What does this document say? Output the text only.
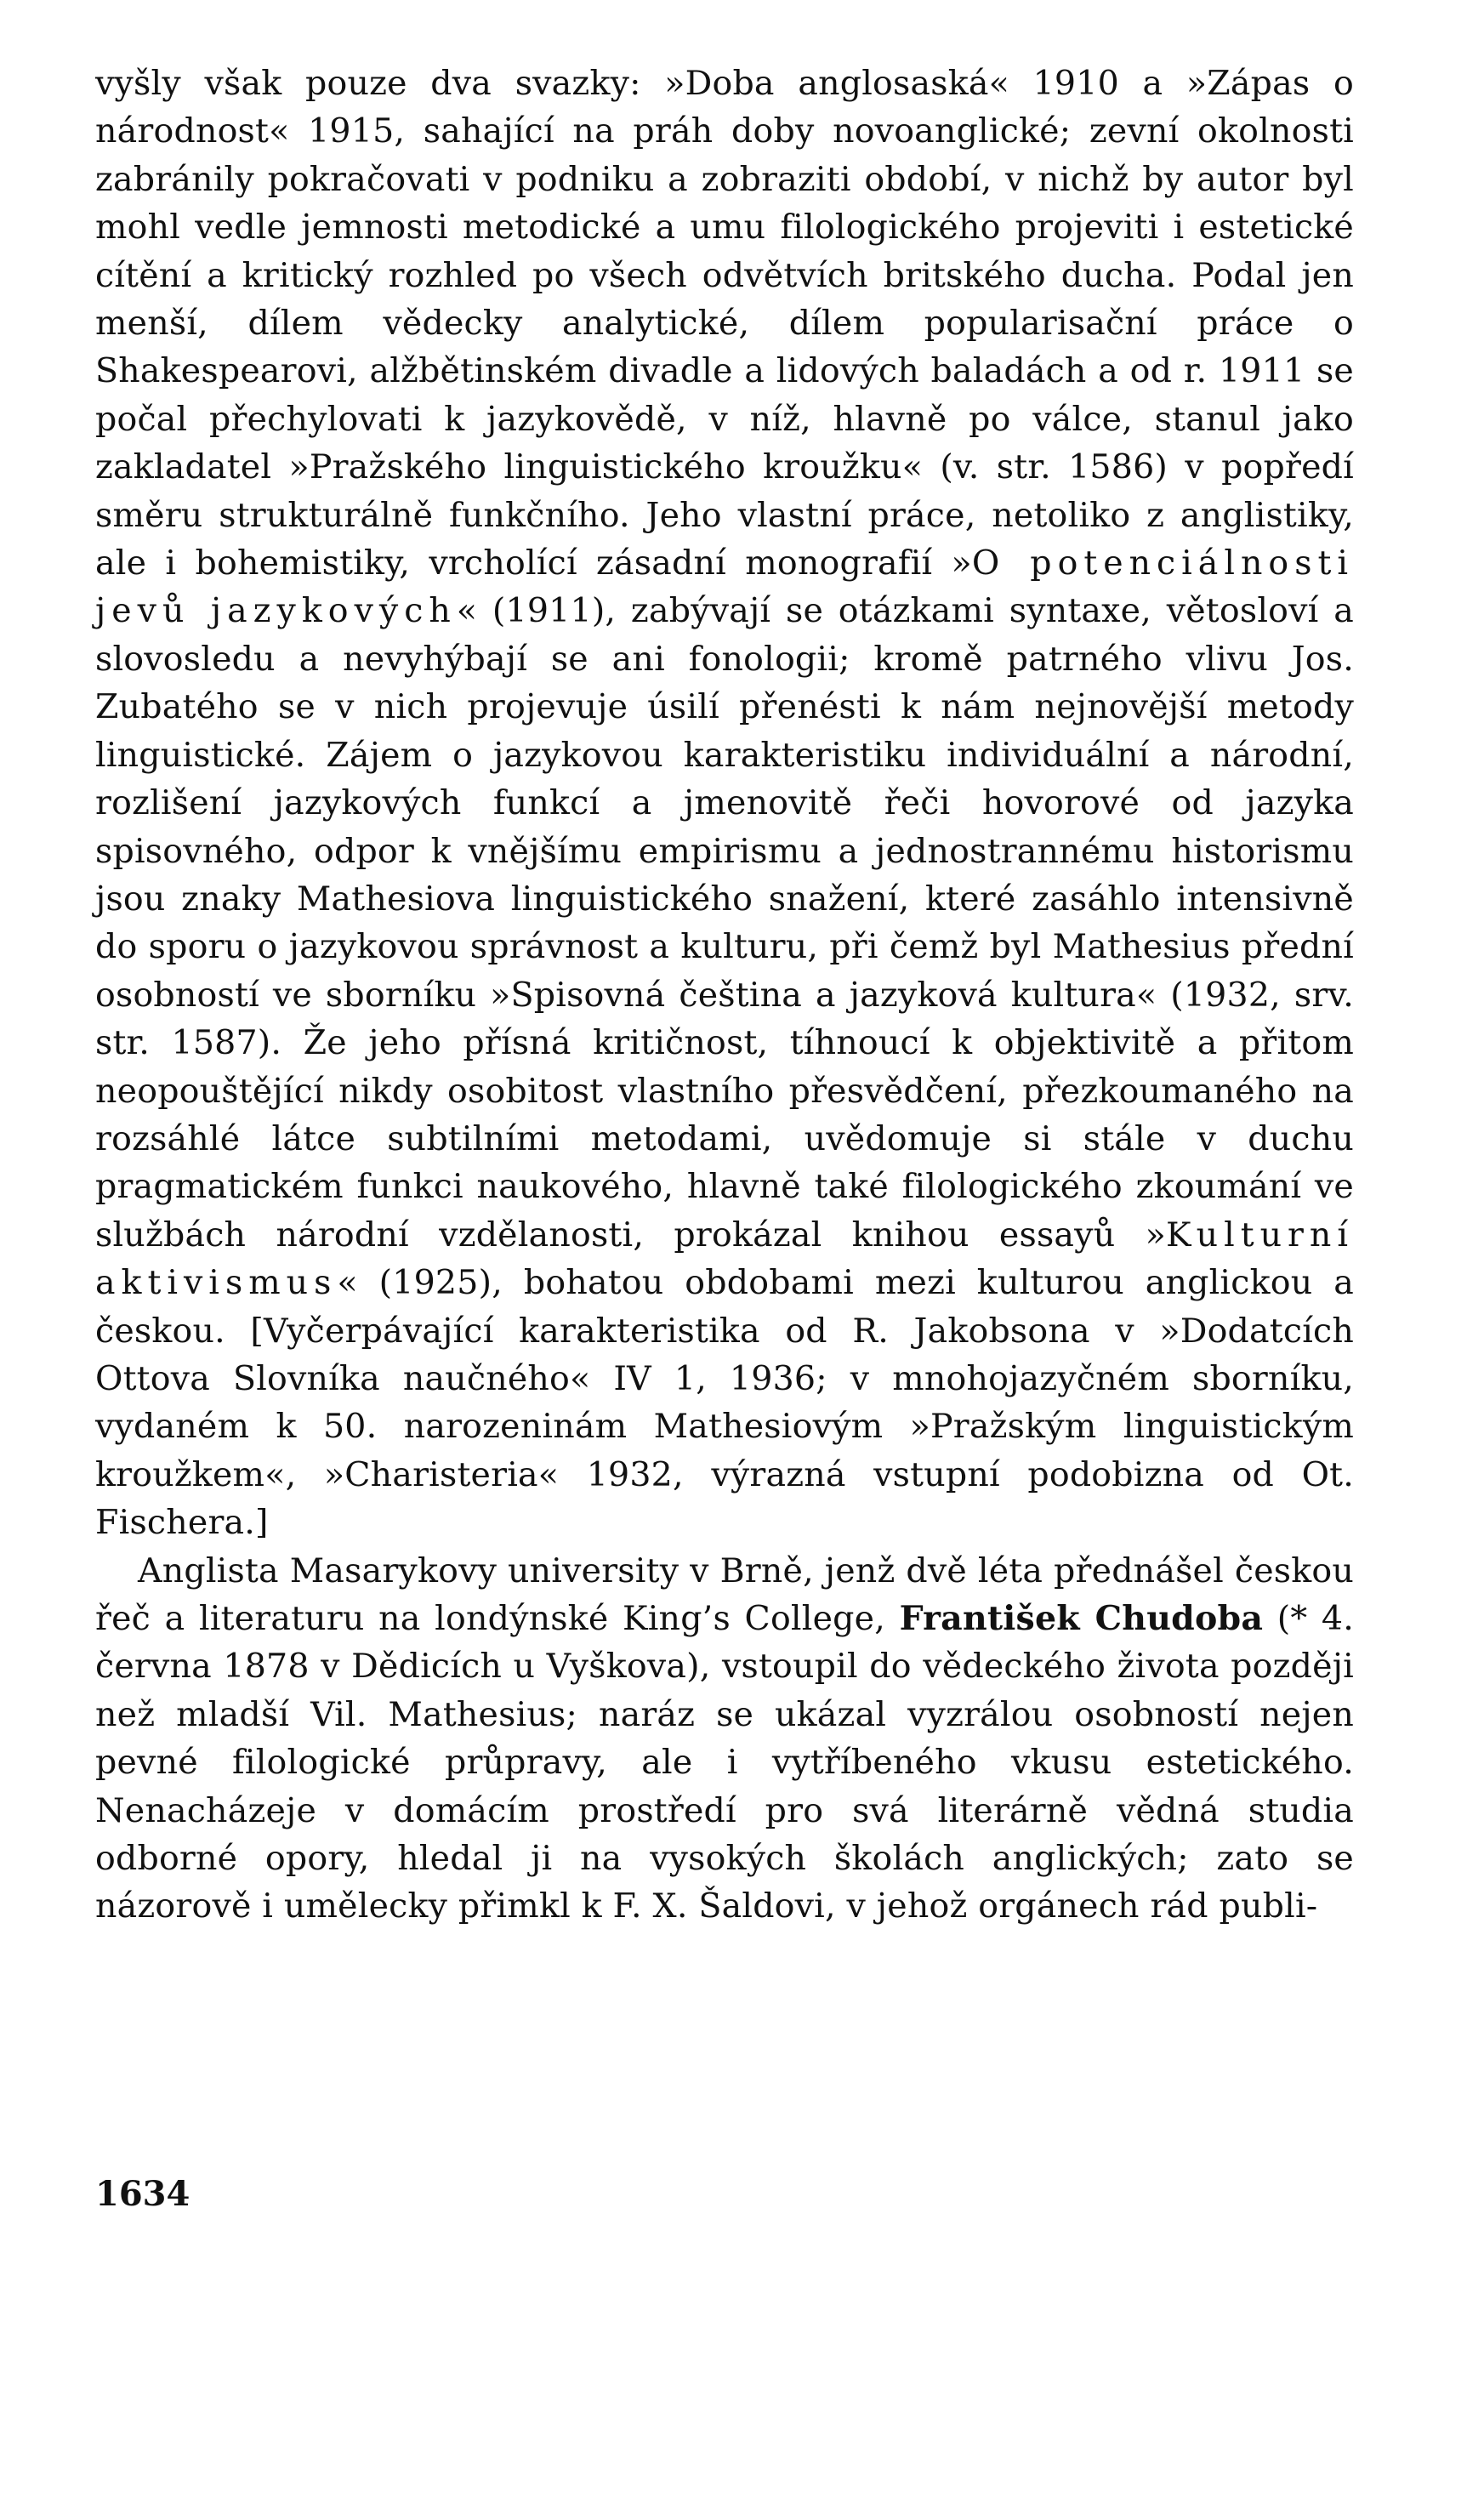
vyšly však pouze dva svazky: »Doba anglosaská« 1910 a »Zápas o národnost« 1915, sahající na práh doby novoanglické; zevní okolnosti zabránily pokračovati v podniku a zobraziti období, v nichž by autor byl mohl vedle jemnosti metodické a umu filologického projeviti i estetické cítění a kritický rozhled po všech odvětvích britského ducha. Podal jen menší, dílem vědecky analytické, dílem popularisační práce o Shakespearovi, alžbětinském divadle a lidových baladách a od r. 1911 se počal přechylovati k jazykovědě, v níž, hlavně po válce, stanul jako zakladatel »Pražského linguistického kroužku« (v. str. 1586) v popředí směru strukturálně funkčního. Jeho vlastní práce, netoliko z anglistiky, ale i bohemistiky, vrcholící zásadní monografií »O potenciálnosti jevů jazykových« (1911), zabývají se otázkami syntaxe, větosloví a slovosledu a nevyhýbají se ani fonologii; kromě patrného vlivu Jos. Zubatého se v nich projevuje úsilí přenésti k nám nejnovější metody linguistické. Zájem o jazykovou karakteristiku individuální a národní, rozlišení jazykových funkcí a jmenovitě řeči hovorové od jazyka spisovného, odpor k vnějšímu empirismu a jednostrannému historismu jsou znaky Mathesiova linguistického snažení, které zasáhlo intensivně do sporu o jazykovou správnost a kulturu, při čemž byl Mathesius přední osobností ve sborníku »Spisovná čeština a jazyková kultura« (1932, srv. str. 1587). Že jeho přísná kritičnost, tíhnoucí k objektivitě a přitom neopouštějící nikdy osobitost vlastního přesvědčení, přezkoumaného na rozsáhlé látce subtilními metodami, uvědomuje si stále v duchu pragmatickém funkci naukového, hlavně také filologického zkoumání ve službách národní vzdělanosti, prokázal knihou essayů »Kulturní aktivismus« (1925), bohatou obdobami mezi kulturou anglickou a českou. [Vyčerpávající karakteristika od R. Jakobsona v »Dodatcích Ottova Slovníka naučného« IV 1, 1936; v mnohojazyčném sborníku, vydaném k 50. narozeninám Mathesiovým »Pražským linguistickým kroužkem«, »Charisteria« 1932, výrazná vstupní podobizna od Ot. Fischera.]

Anglista Masarykovy university v Brně, jenž dvě léta přednášel českou řeč a literaturu na londýnské King’s College, František Chudoba (* 4. června 1878 v Dědicích u Vyškova), vstoupil do vědeckého života později než mladší Vil. Mathesius; naráz se ukázal vyzrálou osobností nejen pevné filologické průpravy, ale i vytříbeného vkusu estetického. Nenacházeje v domácím prostředí pro svá literárně vědná studia odborné opory, hledal ji na vysokých školách anglických; zato se názorově i umělecky přimkl k F. X. Šaldovi, v jehož orgánech rád publi-

1634
